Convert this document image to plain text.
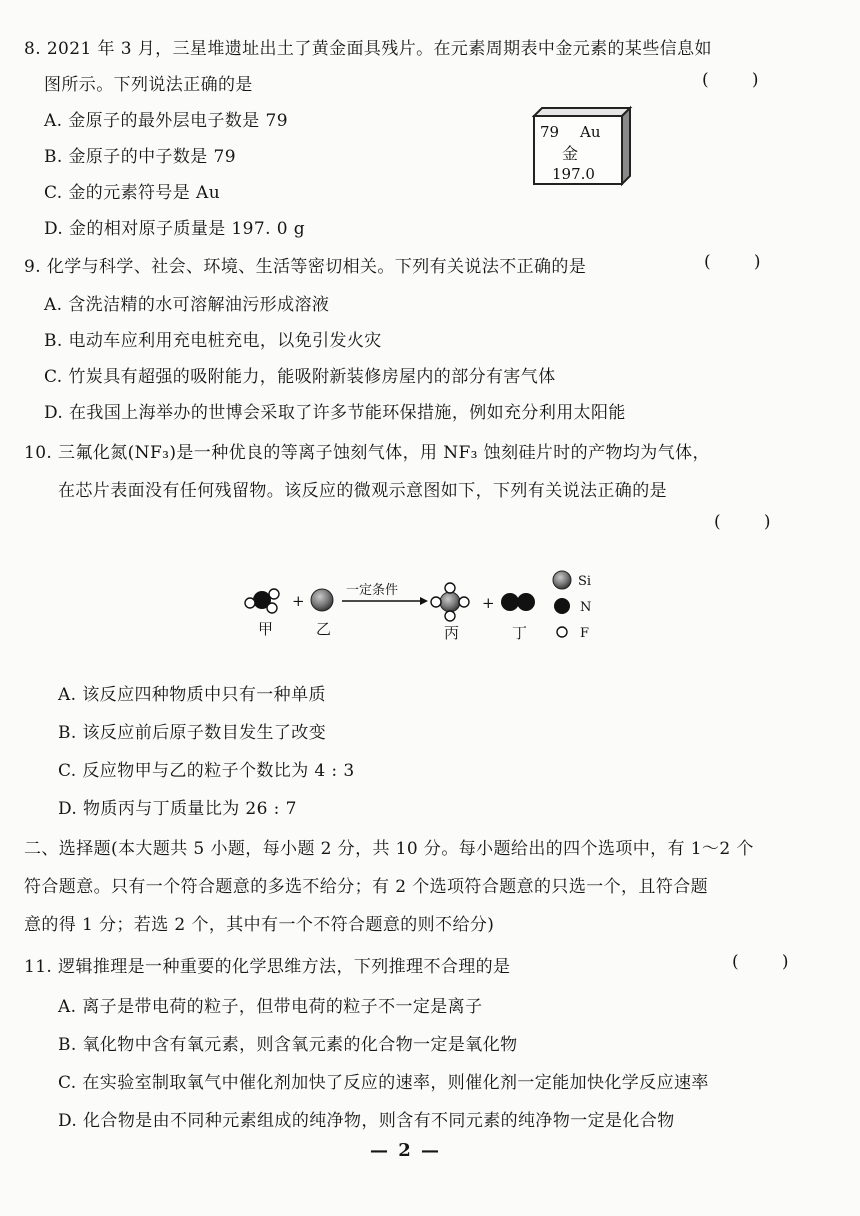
8. 2021 年 3 月，三星堆遗址出土了黄金面具残片。在元素周期表中金元素的某些信息如
图所示。下列说法正确的是	(        )
A. 金原子的最外层电子数是 79
B. 金原子的中子数是 79
C. 金的元素符号是 Au
D. 金的相对原子质量是 197. 0 g
79 Au
金
197.0
9. 化学与科学、社会、环境、生活等密切相关。下列有关说法不正确的是	(        )
A. 含洗洁精的水可溶解油污形成溶液
B. 电动车应利用充电桩充电，以免引发火灾
C. 竹炭具有超强的吸附能力，能吸附新装修房屋内的部分有害气体
D. 在我国上海举办的世博会采取了许多节能环保措施，例如充分利用太阳能
10. 三氟化氮(NF₃)是一种优良的等离子蚀刻气体，用 NF₃ 蚀刻硅片时的产物均为气体，
在芯片表面没有任何残留物。该反应的微观示意图如下，下列有关说法正确的是
(        )
+
一定条件
+
甲	乙	丙	丁
Si
N
F
A. 该反应四种物质中只有一种单质
B. 该反应前后原子数目发生了改变
C. 反应物甲与乙的粒子个数比为 4 : 3
D. 物质丙与丁质量比为 26 : 7
二、选择题(本大题共 5 小题，每小题 2 分，共 10 分。每小题给出的四个选项中，有 1～2 个
符合题意。只有一个符合题意的多选不给分；有 2 个选项符合题意的只选一个，且符合题
意的得 1 分；若选 2 个，其中有一个不符合题意的则不给分)
11. 逻辑推理是一种重要的化学思维方法，下列推理不合理的是	(        )
A. 离子是带电荷的粒子，但带电荷的粒子不一定是离子
B. 氧化物中含有氧元素，则含氧元素的化合物一定是氧化物
C. 在实验室制取氧气中催化剂加快了反应的速率，则催化剂一定能加快化学反应速率
D. 化合物是由不同种元素组成的纯净物，则含有不同元素的纯净物一定是化合物
— 2 —
